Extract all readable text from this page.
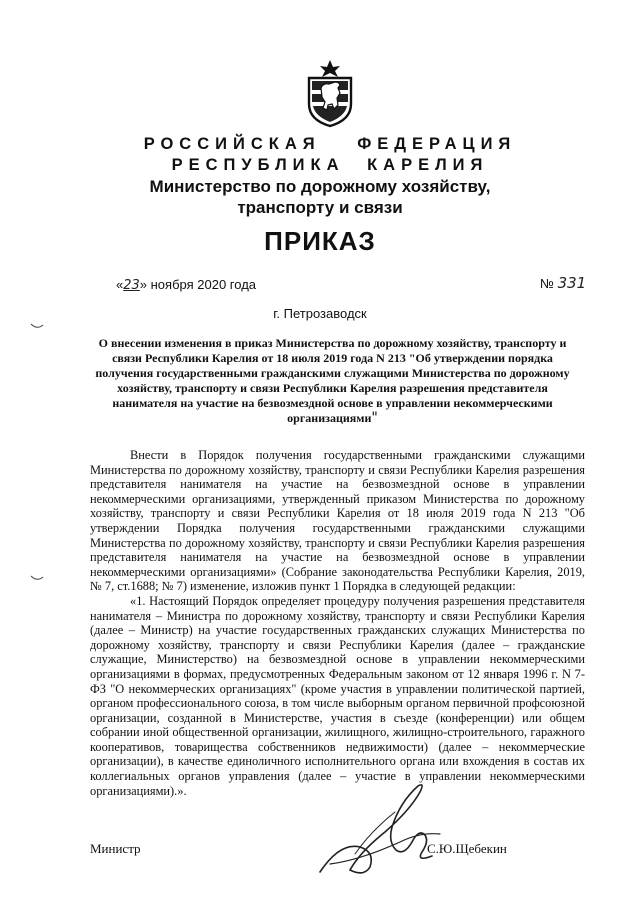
РОССИЙСКАЯ ФЕДЕРАЦИЯ
РЕСПУБЛИКА КАРЕЛИЯ
Министерство по дорожному хозяйству,
транспорту и связи
ПРИКАЗ
«23» ноября 2020 года	№ 331
г. Петрозаводск
О внесении изменения в приказ Министерства по дорожному хозяйству, транспорту и связи Республики Карелия от 18 июля 2019 года N 213 "Об утверждении порядка получения государственными гражданскими служащими Министерства по дорожному хозяйству, транспорту и связи Республики Карелия разрешения представителя нанимателя на участие на безвозмездной основе в управлении некоммерческими организациями"

Внести в Порядок получения государственными гражданскими служащими Министерства по дорожному хозяйству, транспорту и связи Республики Карелия разрешения представителя нанимателя на участие на безвозмездной основе в управлении некоммерческими организациями, утвержденный приказом Министерства по дорожному хозяйству, транспорту и связи Республики Карелия от 18 июля 2019 года N 213 "Об утверждении Порядка получения государственными гражданскими служащими Министерства по дорожному хозяйству, транспорту и связи Республики Карелия разрешения представителя нанимателя на участие на безвозмездной основе в управлении некоммерческими организациями» (Собрание законодательства Республики Карелия, 2019, № 7, ст.1688; № 7) изменение, изложив пункт 1 Порядка в следующей редакции:

«1. Настоящий Порядок определяет процедуру получения разрешения представителя нанимателя – Министра по дорожному хозяйству, транспорту и связи Республики Карелия (далее – Министр) на участие государственных гражданских служащих Министерства по дорожному хозяйству, транспорту и связи Республики Карелия (далее – гражданские служащие, Министерство) на безвозмездной основе в управлении некоммерческими организациями в формах, предусмотренных Федеральным законом от 12 января 1996 г. N 7-ФЗ "О некоммерческих организациях" (кроме участия в управлении политической партией, органом профессионального союза, в том числе выборным органом первичной профсоюзной организации, созданной в Министерстве, участия в съезде (конференции) или общем собрании иной общественной организации, жилищного, жилищно-строительного, гаражного кооперативов, товарищества собственников недвижимости) (далее – некоммерческие организации), в качестве единоличного исполнительного органа или вхождения в состав их коллегиальных органов управления (далее – участие в управлении некоммерческими организациями).».

Министр	С.Ю.Щебекин
